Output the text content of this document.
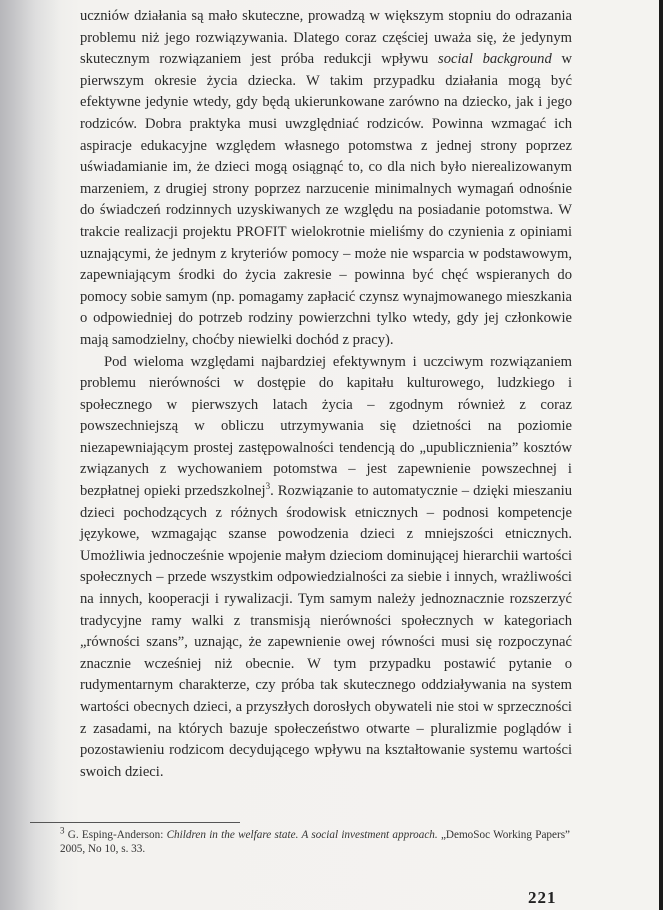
uczniów działania są mało skuteczne, prowadzą w większym stopniu do odrazania problemu niż jego rozwiązywania. Dlatego coraz częściej uważa się, że jedynym skutecznym rozwiązaniem jest próba redukcji wpływu social background w pierwszym okresie życia dziecka. W takim przypadku działania mogą być efektywne jedynie wtedy, gdy będą ukierunkowane zarówno na dziecko, jak i jego rodziców. Dobra praktyka musi uwzględniać rodziców. Powinna wzmagać ich aspiracje edukacyjne względem własnego potomstwa z jednej strony poprzez uświadamianie im, że dzieci mogą osiągnąć to, co dla nich było nierealizowanym marzeniem, z drugiej strony poprzez narzucenie minimalnych wymagań odnośnie do świadczeń rodzinnych uzyskiwanych ze względu na posiadanie potomstwa. W trakcie realizacji projektu PROFIT wielokrotnie mieliśmy do czynienia z opiniami uznającymi, że jednym z kryteriów pomocy – może nie wsparcia w podstawowym, zapewniającym środki do życia zakresie – powinna być chęć wspieranych do pomocy sobie samym (np. pomagamy zapłacić czynsz wynajmowanego mieszkania o odpowiedniej do potrzeb rodziny powierzchni tylko wtedy, gdy jej członkowie mają samodzielny, choćby niewielki dochód z pracy).

Pod wieloma względami najbardziej efektywnym i uczciwym rozwiązaniem problemu nierówności w dostępie do kapitału kulturowego, ludzkiego i społecznego w pierwszych latach życia – zgodnym również z coraz powszechniejszą w obliczu utrzymywania się dzietności na poziomie niezapewniającym prostej zastępowalności tendencją do „upublicznienia” kosztów związanych z wychowaniem potomstwa – jest zapewnienie powszechnej i bezpłatnej opieki przedszkolnej$^3$. Rozwiązanie to automatycznie – dzięki mieszaniu dzieci pochodzących z różnych środowisk etnicznych – podnosi kompetencje językowe, wzmagając szanse powodzenia dzieci z mniejszości etnicznych. Umożliwia jednocześnie wpojenie małym dzieciom dominującej hierarchii wartości społecznych – przede wszystkim odpowiedzialności za siebie i innych, wrażliwości na innych, kooperacji i rywalizacji. Tym samym należy jednoznacznie rozszerzyć tradycyjne ramy walki z transmisją nierówności społecznych w kategoriach „równości szans”, uznając, że zapewnienie owej równości musi się rozpoczynać znacznie wcześniej niż obecnie. W tym przypadku postawić pytanie o rudymentarnym charakterze, czy próba tak skutecznego oddziaływania na system wartości obecnych dzieci, a przyszłych dorosłych obywateli nie stoi w sprzeczności z zasadami, na których bazuje społeczeństwo otwarte – pluralizmie poglądów i pozostawieniu rodzicom decydującego wpływu na kształtowanie systemu wartości swoich dzieci.

$^3$ G. Esping-Anderson: Children in the welfare state. A social investment approach. „DemoSoc Working Papers” 2005, No 10, s. 33.
221
